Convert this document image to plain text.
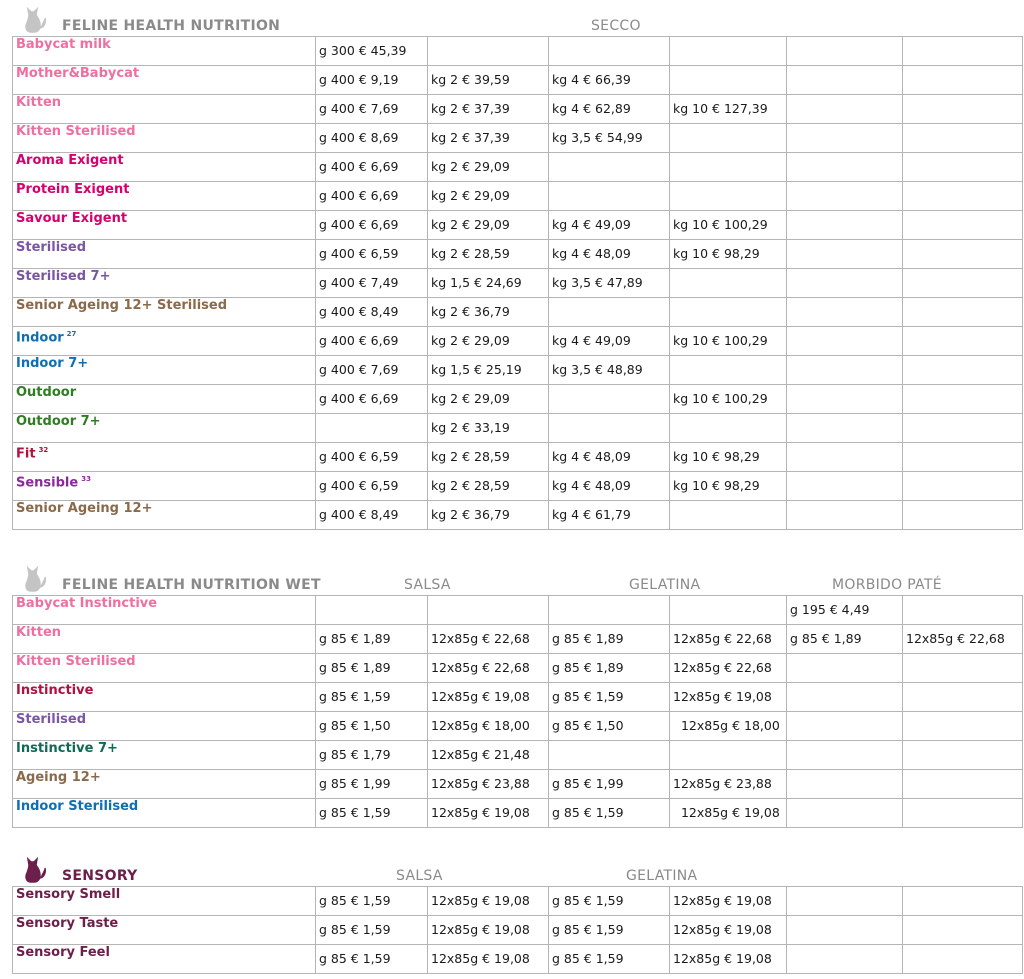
FELINE HEALTH NUTRITION	SECCO
Babycat milk	g 300 € 45,39					
Mother&Babycat	g 400 € 9,19	kg 2 € 39,59	kg 4 € 66,39			
Kitten	g 400 € 7,69	kg 2 € 37,39	kg 4 € 62,89	kg 10 € 127,39		
Kitten Sterilised	g 400 € 8,69	kg 2 € 37,39	kg 3,5 € 54,99			
Aroma Exigent	g 400 € 6,69	kg 2 € 29,09				
Protein Exigent	g 400 € 6,69	kg 2 € 29,09				
Savour Exigent	g 400 € 6,69	kg 2 € 29,09	kg 4 € 49,09	kg 10 € 100,29		
Sterilised	g 400 € 6,59	kg 2 € 28,59	kg 4 € 48,09	kg 10 € 98,29		
Sterilised 7+	g 400 € 7,49	kg 1,5 € 24,69	kg 3,5 € 47,89			
Senior Ageing 12+ Sterilised	g 400 € 8,49	kg 2 € 36,79				
Indoor $^{27}$	g 400 € 6,69	kg 2 € 29,09	kg 4 € 49,09	kg 10 € 100,29		
Indoor 7+	g 400 € 7,69	kg 1,5 € 25,19	kg 3,5 € 48,89			
Outdoor	g 400 € 6,69	kg 2 € 29,09		kg 10 € 100,29		
Outdoor 7+		kg 2 € 33,19				
Fit $^{32}$	g 400 € 6,59	kg 2 € 28,59	kg 4 € 48,09	kg 10 € 98,29		
Sensible $^{33}$	g 400 € 6,59	kg 2 € 28,59	kg 4 € 48,09	kg 10 € 98,29		
Senior Ageing 12+	g 400 € 8,49	kg 2 € 36,79	kg 4 € 61,79			
FELINE HEALTH NUTRITION WET	SALSA	GELATINA	MORBIDO PATÉ
Babycat Instinctive					g 195 € 4,49	
Kitten	g 85 € 1,89	12x85g € 22,68	g 85 € 1,89	12x85g € 22,68	g 85 € 1,89	12x85g € 22,68
Kitten Sterilised	g 85 € 1,89	12x85g € 22,68	g 85 € 1,89	12x85g € 22,68		
Instinctive	g 85 € 1,59	12x85g € 19,08	g 85 € 1,59	12x85g € 19,08		
Sterilised	g 85 € 1,50	12x85g € 18,00	g 85 € 1,50	12x85g € 18,00		
Instinctive 7+	g 85 € 1,79	12x85g € 21,48				
Ageing 12+	g 85 € 1,99	12x85g € 23,88	g 85 € 1,99	12x85g € 23,88		
Indoor Sterilised	g 85 € 1,59	12x85g € 19,08	g 85 € 1,59	12x85g € 19,08		
SENSORY	SALSA	GELATINA
Sensory Smell	g 85 € 1,59	12x85g € 19,08	g 85 € 1,59	12x85g € 19,08		
Sensory Taste	g 85 € 1,59	12x85g € 19,08	g 85 € 1,59	12x85g € 19,08		
Sensory Feel	g 85 € 1,59	12x85g € 19,08	g 85 € 1,59	12x85g € 19,08		
